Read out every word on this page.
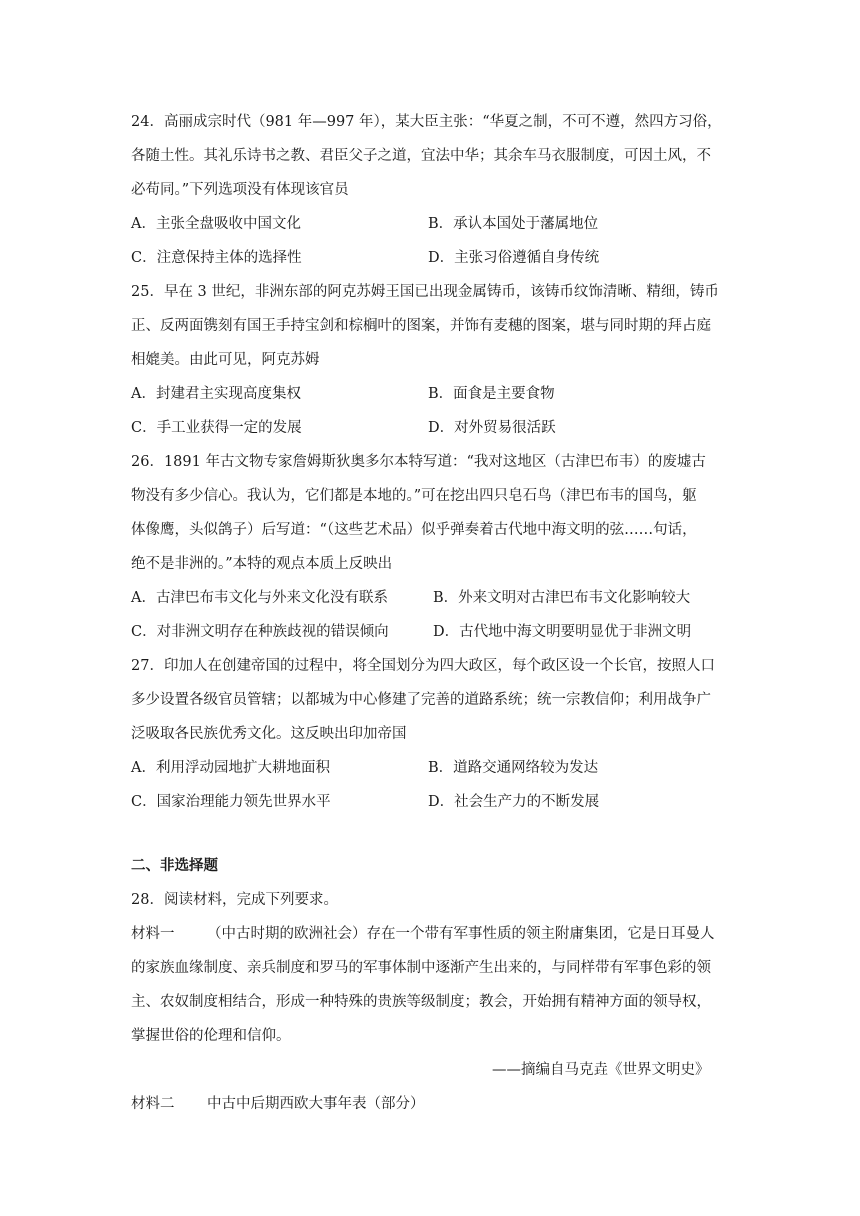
24．高丽成宗时代（981 年—997 年），某大臣主张：“华夏之制，不可不遵，然四方习俗，
各随土性。其礼乐诗书之教、君臣父子之道，宜法中华；其余车马衣服制度，可因土风，不
必苟同。”下列选项没有体现该官员
A．主张全盘吸收中国文化	B．承认本国处于藩属地位
C．注意保持主体的选择性	D．主张习俗遵循自身传统
25．早在 3 世纪，非洲东部的阿克苏姆王国已出现金属铸币，该铸币纹饰清晰、精细，铸币
正、反两面镌刻有国王手持宝剑和棕榈叶的图案，并饰有麦穗的图案，堪与同时期的拜占庭
相媲美。由此可见，阿克苏姆
A．封建君主实现高度集权	B．面食是主要食物
C．手工业获得一定的发展	D．对外贸易很活跃
26．1891 年古文物专家詹姆斯狄奥多尔本特写道：“我对这地区（古津巴布韦）的废墟古
物没有多少信心。我认为，它们都是本地的。”可在挖出四只皂石鸟（津巴布韦的国鸟，躯
体像鹰，头似鸽子）后写道：“（这些艺术品）似乎弹奏着古代地中海文明的弦……句话，
绝不是非洲的。”本特的观点本质上反映出
A．古津巴布韦文化与外来文化没有联系	B．外来文明对古津巴布韦文化影响较大
C．对非洲文明存在种族歧视的错误倾向	D．古代地中海文明要明显优于非洲文明
27．印加人在创建帝国的过程中，将全国划分为四大政区，每个政区设一个长官，按照人口
多少设置各级官员管辖；以都城为中心修建了完善的道路系统；统一宗教信仰；利用战争广
泛吸取各民族优秀文化。这反映出印加帝国
A．利用浮动园地扩大耕地面积	B．道路交通网络较为发达
C．国家治理能力领先世界水平	D．社会生产力的不断发展
二、非选择题
28．阅读材料，完成下列要求。
材料一 （中古时期的欧洲社会）存在一个带有军事性质的领主附庸集团，它是日耳曼人
的家族血缘制度、亲兵制度和罗马的军事体制中逐渐产生出来的，与同样带有军事色彩的领
主、农奴制度相结合，形成一种特殊的贵族等级制度；教会，开始拥有精神方面的领导权，
掌握世俗的伦理和信仰。
——摘编自马克垚《世界文明史》
材料二 中古中后期西欧大事年表（部分）
